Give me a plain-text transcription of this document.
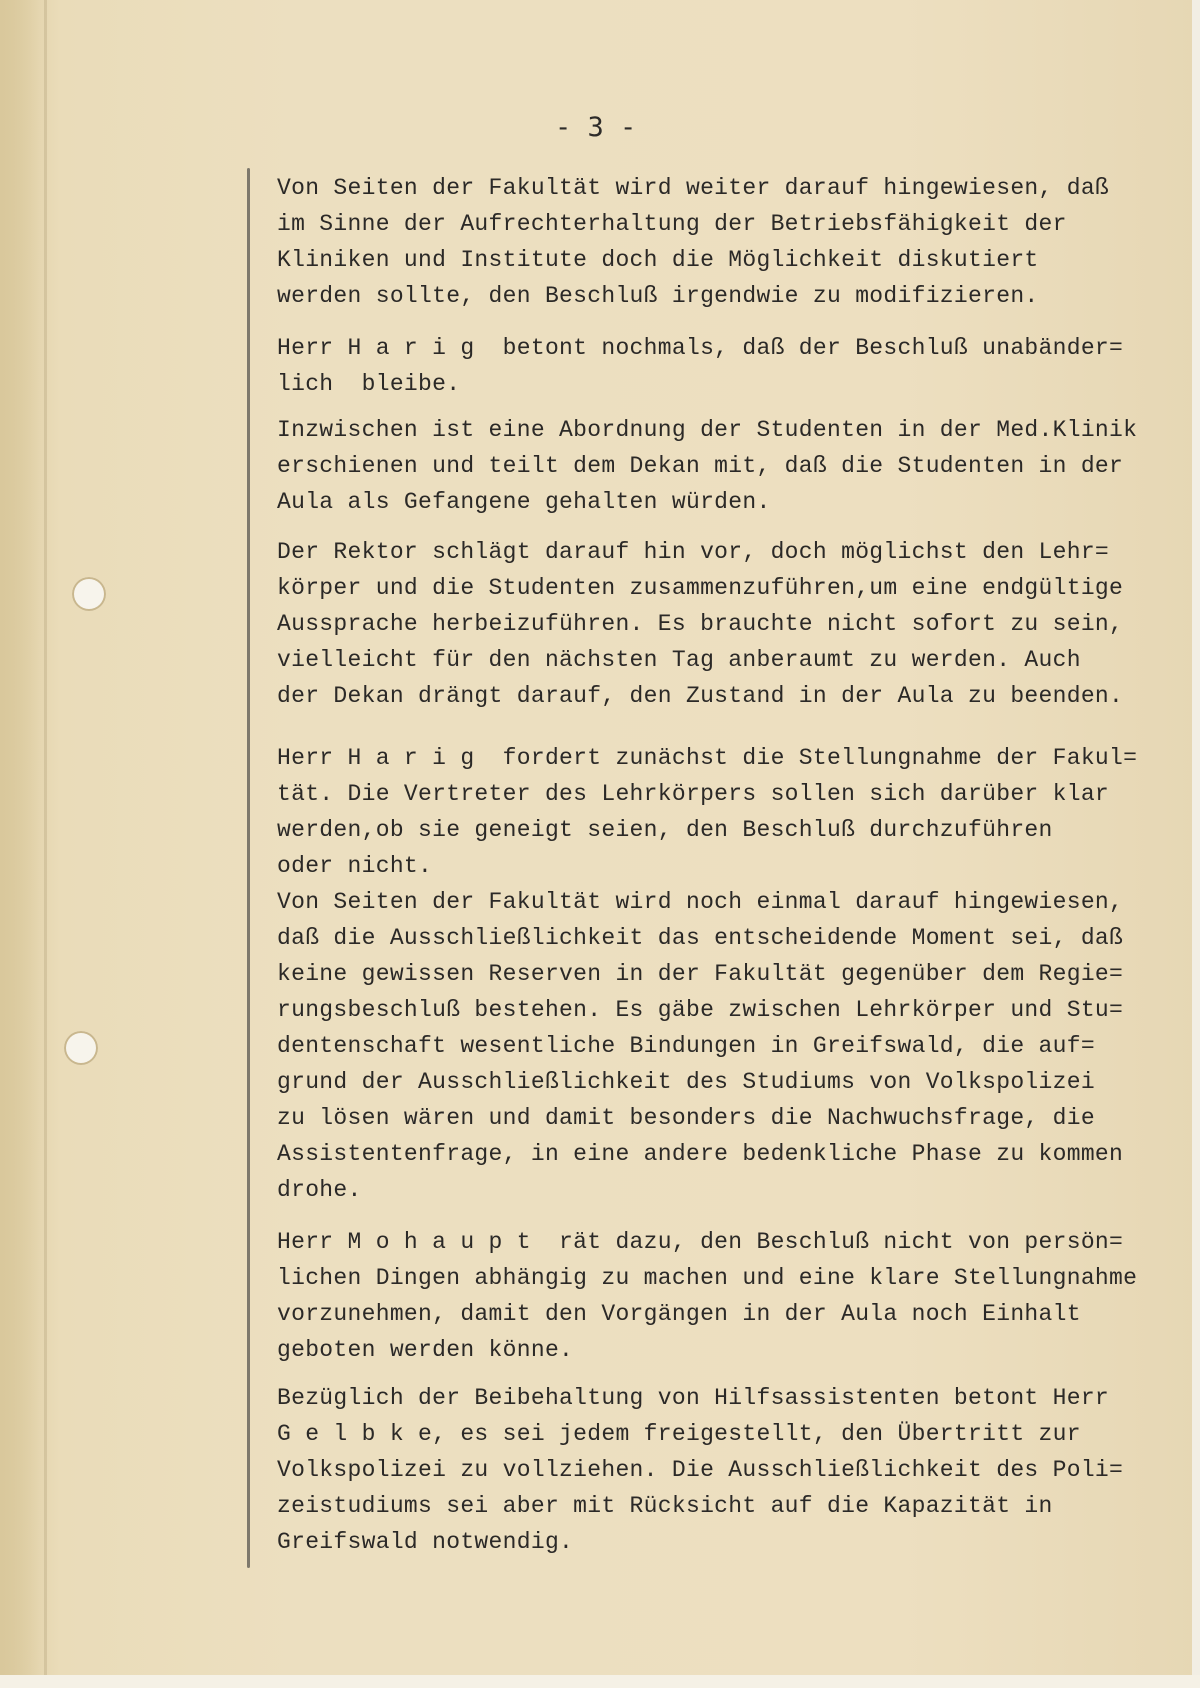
- 3 -
Von Seiten der Fakultät wird weiter darauf hingewiesen, daß
im Sinne der Aufrechterhaltung der Betriebsfähigkeit der
Kliniken und Institute doch die Möglichkeit diskutiert
werden sollte, den Beschluß irgendwie zu modifizieren.
Herr H a r i g  betont nochmals, daß der Beschluß unabänder=
lich  bleibe.
Inzwischen ist eine Abordnung der Studenten in der Med.Klinik
erschienen und teilt dem Dekan mit, daß die Studenten in der
Aula als Gefangene gehalten würden.
Der Rektor schlägt darauf hin vor, doch möglichst den Lehr=
körper und die Studenten zusammenzuführen,um eine endgültige
Aussprache herbeizuführen. Es brauchte nicht sofort zu sein,
vielleicht für den nächsten Tag anberaumt zu werden. Auch
der Dekan drängt darauf, den Zustand in der Aula zu beenden.
Herr H a r i g  fordert zunächst die Stellungnahme der Fakul=
tät. Die Vertreter des Lehrkörpers sollen sich darüber klar
werden,ob sie geneigt seien, den Beschluß durchzuführen
oder nicht.
Von Seiten der Fakultät wird noch einmal darauf hingewiesen,
daß die Ausschließlichkeit das entscheidende Moment sei, daß
keine gewissen Reserven in der Fakultät gegenüber dem Regie=
rungsbeschluß bestehen. Es gäbe zwischen Lehrkörper und Stu=
dentenschaft wesentliche Bindungen in Greifswald, die auf=
grund der Ausschließlichkeit des Studiums von Volkspolizei
zu lösen wären und damit besonders die Nachwuchsfrage, die
Assistentenfrage, in eine andere bedenkliche Phase zu kommen
drohe.
Herr M o h a u p t  rät dazu, den Beschluß nicht von persön=
lichen Dingen abhängig zu machen und eine klare Stellungnahme
vorzunehmen, damit den Vorgängen in der Aula noch Einhalt
geboten werden könne.
Bezüglich der Beibehaltung von Hilfsassistenten betont Herr
G e l b k e, es sei jedem freigestellt, den Übertritt zur
Volkspolizei zu vollziehen. Die Ausschließlichkeit des Poli=
zeistudiums sei aber mit Rücksicht auf die Kapazität in
Greifswald notwendig.
